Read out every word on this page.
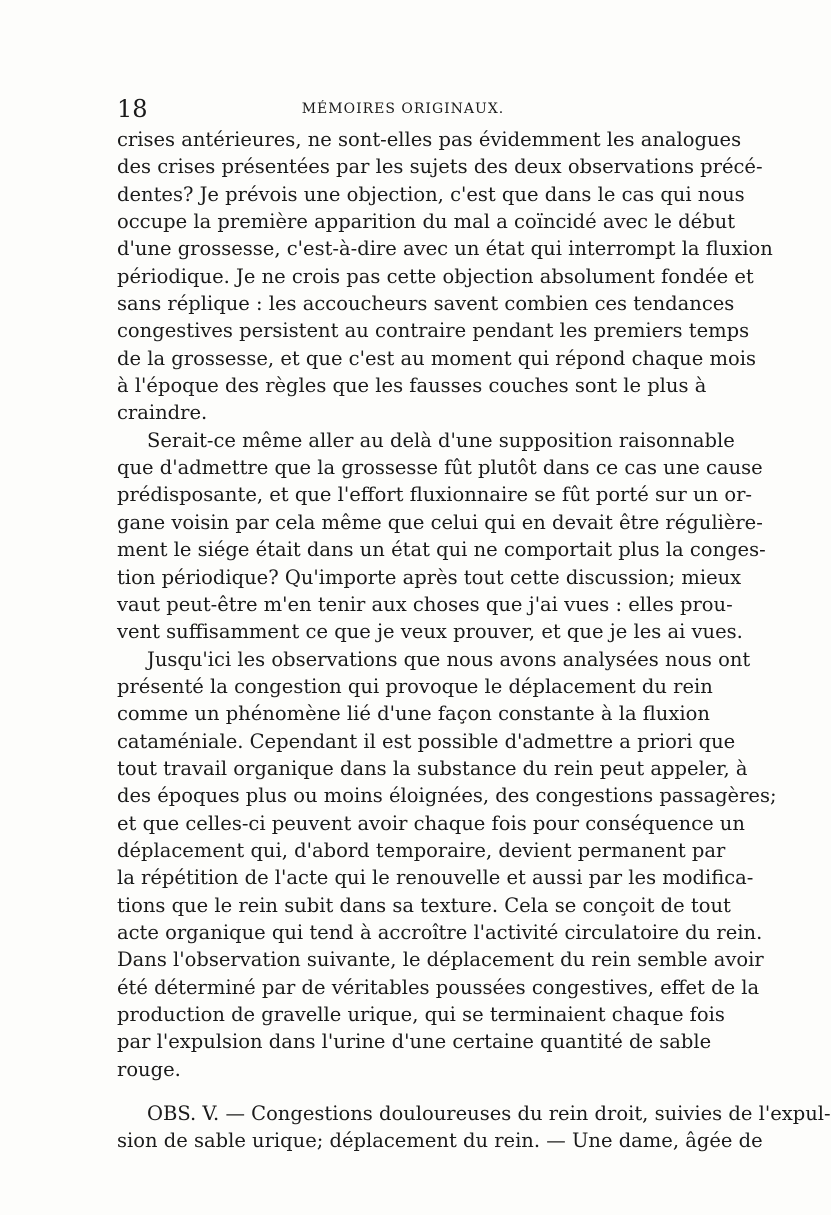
18	MÉMOIRES ORIGINAUX.
crises antérieures, ne sont-elles pas évidemment les analogues
des crises présentées par les sujets des deux observations précé-
dentes? Je prévois une objection, c'est que dans le cas qui nous
occupe la première apparition du mal a coïncidé avec le début
d'une grossesse, c'est-à-dire avec un état qui interrompt la fluxion
périodique. Je ne crois pas cette objection absolument fondée et
sans réplique : les accoucheurs savent combien ces tendances
congestives persistent au contraire pendant les premiers temps
de la grossesse, et que c'est au moment qui répond chaque mois
à l'époque des règles que les fausses couches sont le plus à
craindre.
Serait-ce même aller au delà d'une supposition raisonnable
que d'admettre que la grossesse fût plutôt dans ce cas une cause
prédisposante, et que l'effort fluxionnaire se fût porté sur un or-
gane voisin par cela même que celui qui en devait être régulière-
ment le siége était dans un état qui ne comportait plus la conges-
tion périodique? Qu'importe après tout cette discussion; mieux
vaut peut-être m'en tenir aux choses que j'ai vues : elles prou-
vent suffisamment ce que je veux prouver, et que je les ai vues.
Jusqu'ici les observations que nous avons analysées nous ont
présenté la congestion qui provoque le déplacement du rein
comme un phénomène lié d'une façon constante à la fluxion
cataméniale. Cependant il est possible d'admettre a priori que
tout travail organique dans la substance du rein peut appeler, à
des époques plus ou moins éloignées, des congestions passagères;
et que celles-ci peuvent avoir chaque fois pour conséquence un
déplacement qui, d'abord temporaire, devient permanent par
la répétition de l'acte qui le renouvelle et aussi par les modifica-
tions que le rein subit dans sa texture. Cela se conçoit de tout
acte organique qui tend à accroître l'activité circulatoire du rein.
Dans l'observation suivante, le déplacement du rein semble avoir
été déterminé par de véritables poussées congestives, effet de la
production de gravelle urique, qui se terminaient chaque fois
par l'expulsion dans l'urine d'une certaine quantité de sable
rouge.
OBS. V. — Congestions douloureuses du rein droit, suivies de l'expul-
sion de sable urique; déplacement du rein. — Une dame, âgée de
